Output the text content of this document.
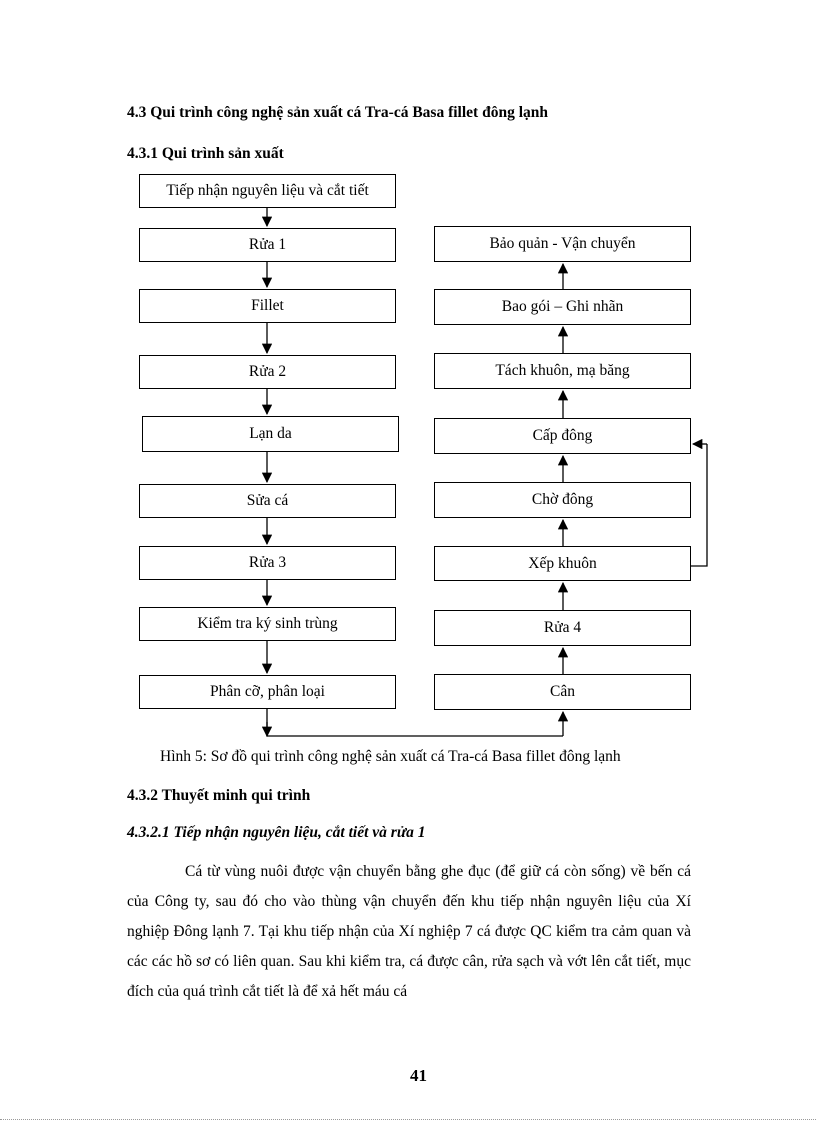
4.3 Qui trình công nghệ sản xuất cá Tra-cá Basa fillet đông lạnh
4.3.1 Qui trình sản xuất
Tiếp nhận nguyên liệu và cắt tiết
Rửa 1
Fillet
Rửa 2
Lạn da
Sửa cá
Rửa 3
Kiểm tra ký sinh trùng
Phân cỡ, phân loại
Bảo quản - Vận chuyển
Bao gói – Ghi nhãn
Tách khuôn, mạ băng
Cấp đông
Chờ đông
Xếp khuôn
Rửa 4
Cân
Hình 5: Sơ đồ qui trình công nghệ sản xuất cá Tra-cá Basa fillet đông lạnh
4.3.2 Thuyết minh qui trình
4.3.2.1 Tiếp nhận nguyên liệu, cắt tiết và rửa 1

Cá từ vùng nuôi được vận chuyển bằng ghe đục (để giữ cá còn sống) về bến cá của Công ty, sau đó cho vào thùng vận chuyển đến khu tiếp nhận nguyên liệu của Xí nghiệp Đông lạnh 7. Tại khu tiếp nhận của Xí nghiệp 7 cá được QC kiểm tra cảm quan và các các hồ sơ có liên quan. Sau khi kiểm tra, cá được cân, rửa sạch và vớt lên cắt tiết, mục đích của quá trình cắt tiết là để xả hết máu cá

41
